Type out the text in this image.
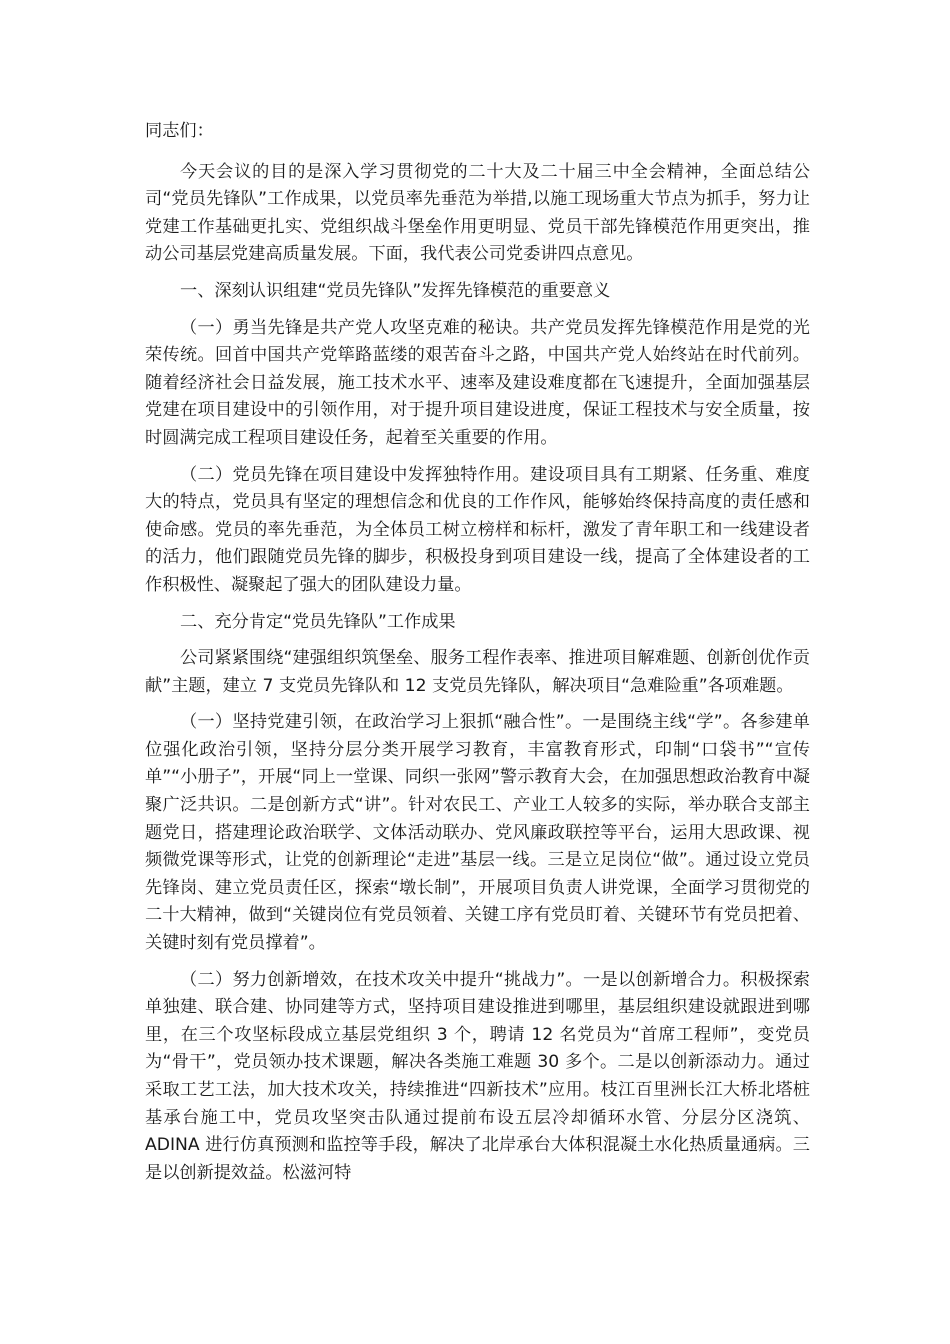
同志们：

今天会议的目的是深入学习贯彻党的二十大及二十届三中全会精神，全面总结公司“党员先锋队”工作成果，以党员率先垂范为举措,以施工现场重大节点为抓手，努力让党建工作基础更扎实、党组织战斗堡垒作用更明显、党员干部先锋模范作用更突出，推动公司基层党建高质量发展。下面，我代表公司党委讲四点意见。

一、深刻认识组建“党员先锋队”发挥先锋模范的重要意义

（一）勇当先锋是共产党人攻坚克难的秘诀。共产党员发挥先锋模范作用是党的光荣传统。回首中国共产党筚路蓝缕的艰苦奋斗之路，中国共产党人始终站在时代前列。随着经济社会日益发展，施工技术水平、速率及建设难度都在飞速提升，全面加强基层党建在项目建设中的引领作用，对于提升项目建设进度，保证工程技术与安全质量，按时圆满完成工程项目建设任务，起着至关重要的作用。

（二）党员先锋在项目建设中发挥独特作用。建设项目具有工期紧、任务重、难度大的特点，党员具有坚定的理想信念和优良的工作作风，能够始终保持高度的责任感和使命感。党员的率先垂范，为全体员工树立榜样和标杆，激发了青年职工和一线建设者的活力，他们跟随党员先锋的脚步，积极投身到项目建设一线，提高了全体建设者的工作积极性、凝聚起了强大的团队建设力量。

二、充分肯定“党员先锋队”工作成果

公司紧紧围绕“建强组织筑堡垒、服务工程作表率、推进项目解难题、创新创优作贡献”主题，建立 7 支党员先锋队和 12 支党员先锋队，解决项目“急难险重”各项难题。

（一）坚持党建引领，在政治学习上狠抓“融合性”。一是围绕主线“学”。各参建单位强化政治引领，坚持分层分类开展学习教育，丰富教育形式，印制“口袋书”“宣传单”“小册子”，开展“同上一堂课、同织一张网”警示教育大会，在加强思想政治教育中凝聚广泛共识。二是创新方式“讲”。针对农民工、产业工人较多的实际，举办联合支部主题党日，搭建理论政治联学、文体活动联办、党风廉政联控等平台，运用大思政课、视频微党课等形式，让党的创新理论“走进”基层一线。三是立足岗位“做”。通过设立党员先锋岗、建立党员责任区，探索“墩长制”，开展项目负责人讲党课，全面学习贯彻党的二十大精神，做到“关键岗位有党员领着、关键工序有党员盯着、关键环节有党员把着、关键时刻有党员撑着”。

（二）努力创新增效，在技术攻关中提升“挑战力”。一是以创新增合力。积极探索单独建、联合建、协同建等方式，坚持项目建设推进到哪里，基层组织建设就跟进到哪里，在三个攻坚标段成立基层党组织 3 个，聘请 12 名党员为“首席工程师”，变党员为“骨干”，党员领办技术课题，解决各类施工难题 30 多个。二是以创新添动力。通过采取工艺工法，加大技术攻关，持续推进“四新技术”应用。枝江百里洲长江大桥北塔桩基承台施工中，党员攻坚突击队通过提前布设五层冷却循环水管、分层分区浇筑、ADINA 进行仿真预测和监控等手段，解决了北岸承台大体积混凝土水化热质量通病。三是以创新提效益。松滋河特
